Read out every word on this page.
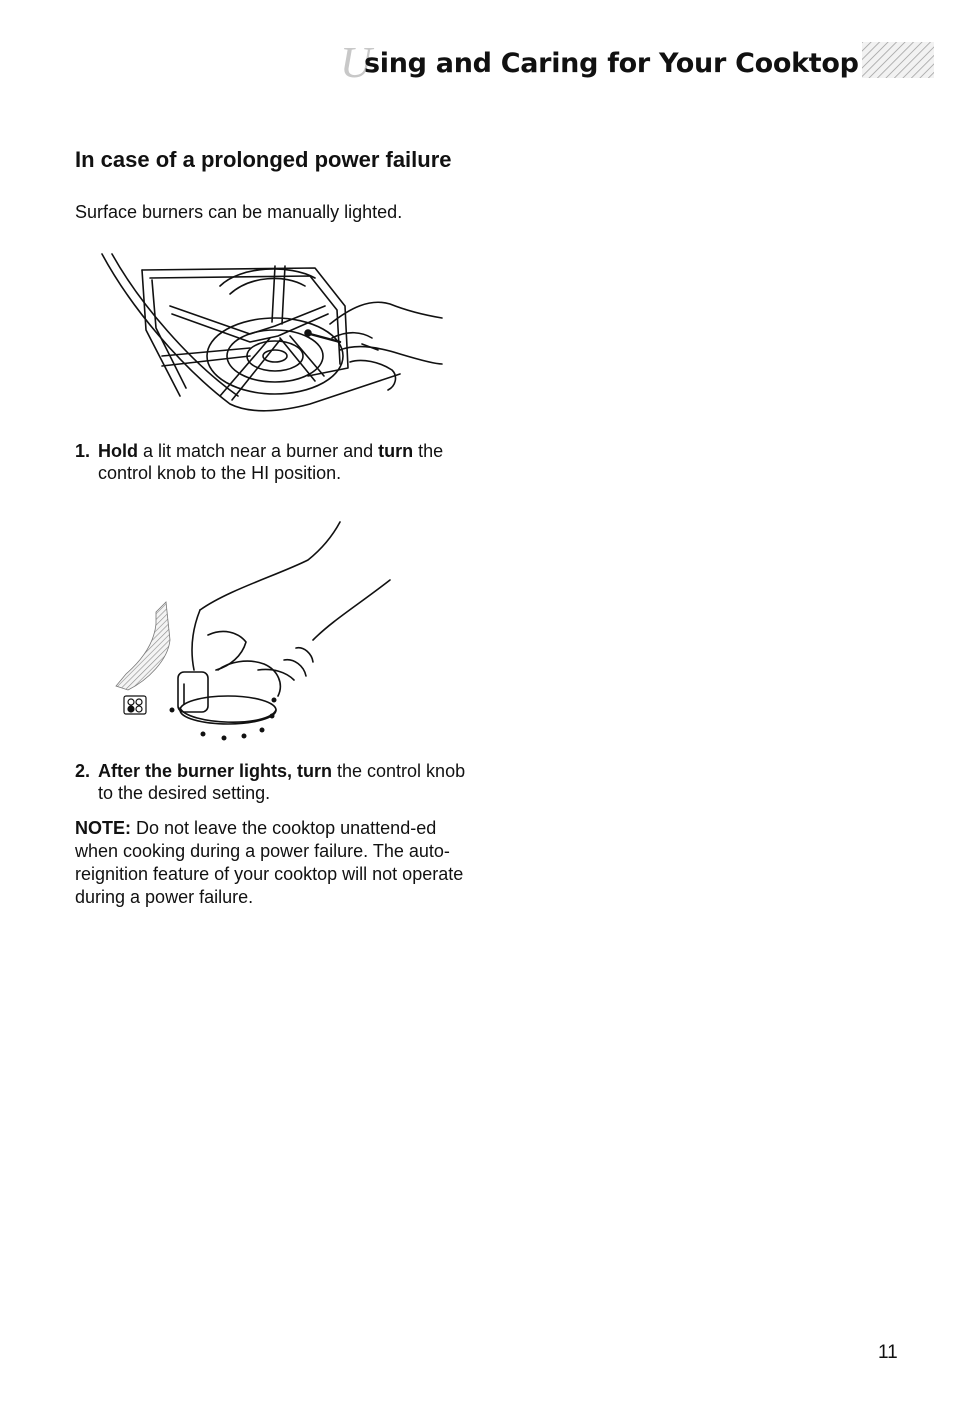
U
sing and Caring for Your Cooktop
In case of a prolonged power failure

Surface burners can be manually lighted.

1. Hold a lit match near a burner and turn the control knob to the HI position.
2. After the burner lights, turn the control knob to the desired setting.

NOTE: Do not leave the cooktop unattend-ed when cooking during a power failure. The auto-reignition feature of your cooktop will not operate during a power failure.

11
